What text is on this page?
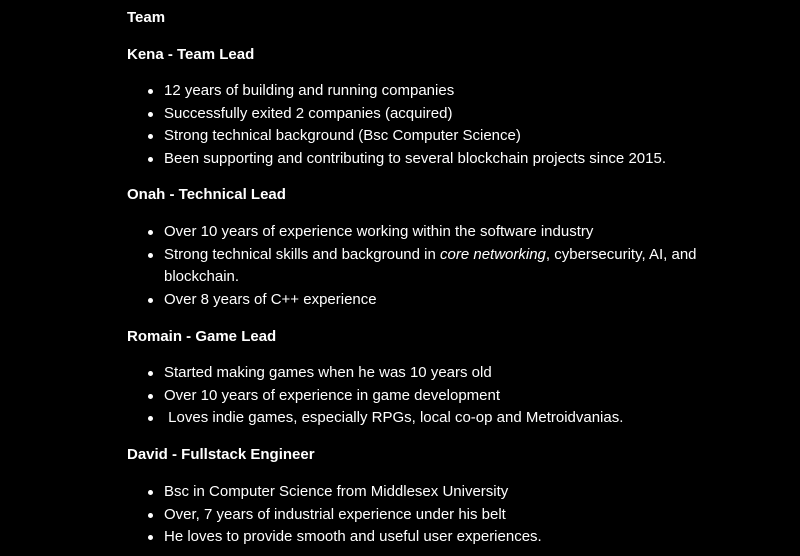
Team
Kena - Team Lead
12 years of building and running companies
Successfully exited 2 companies (acquired)
Strong technical background (Bsc Computer Science)
Been supporting and contributing to several blockchain projects since 2015.
Onah - Technical Lead
Over 10 years of experience working within the software industry
Strong technical skills and background in core networking, cybersecurity, AI, and blockchain.
Over 8 years of C++ experience
Romain - Game Lead
Started making games when he was 10 years old
Over 10 years of experience in game development
Loves indie games, especially RPGs, local co-op and Metroidvanias.
David - Fullstack Engineer
Bsc in Computer Science from Middlesex University
Over, 7 years of industrial experience under his belt
He loves to provide smooth and useful user experiences.
